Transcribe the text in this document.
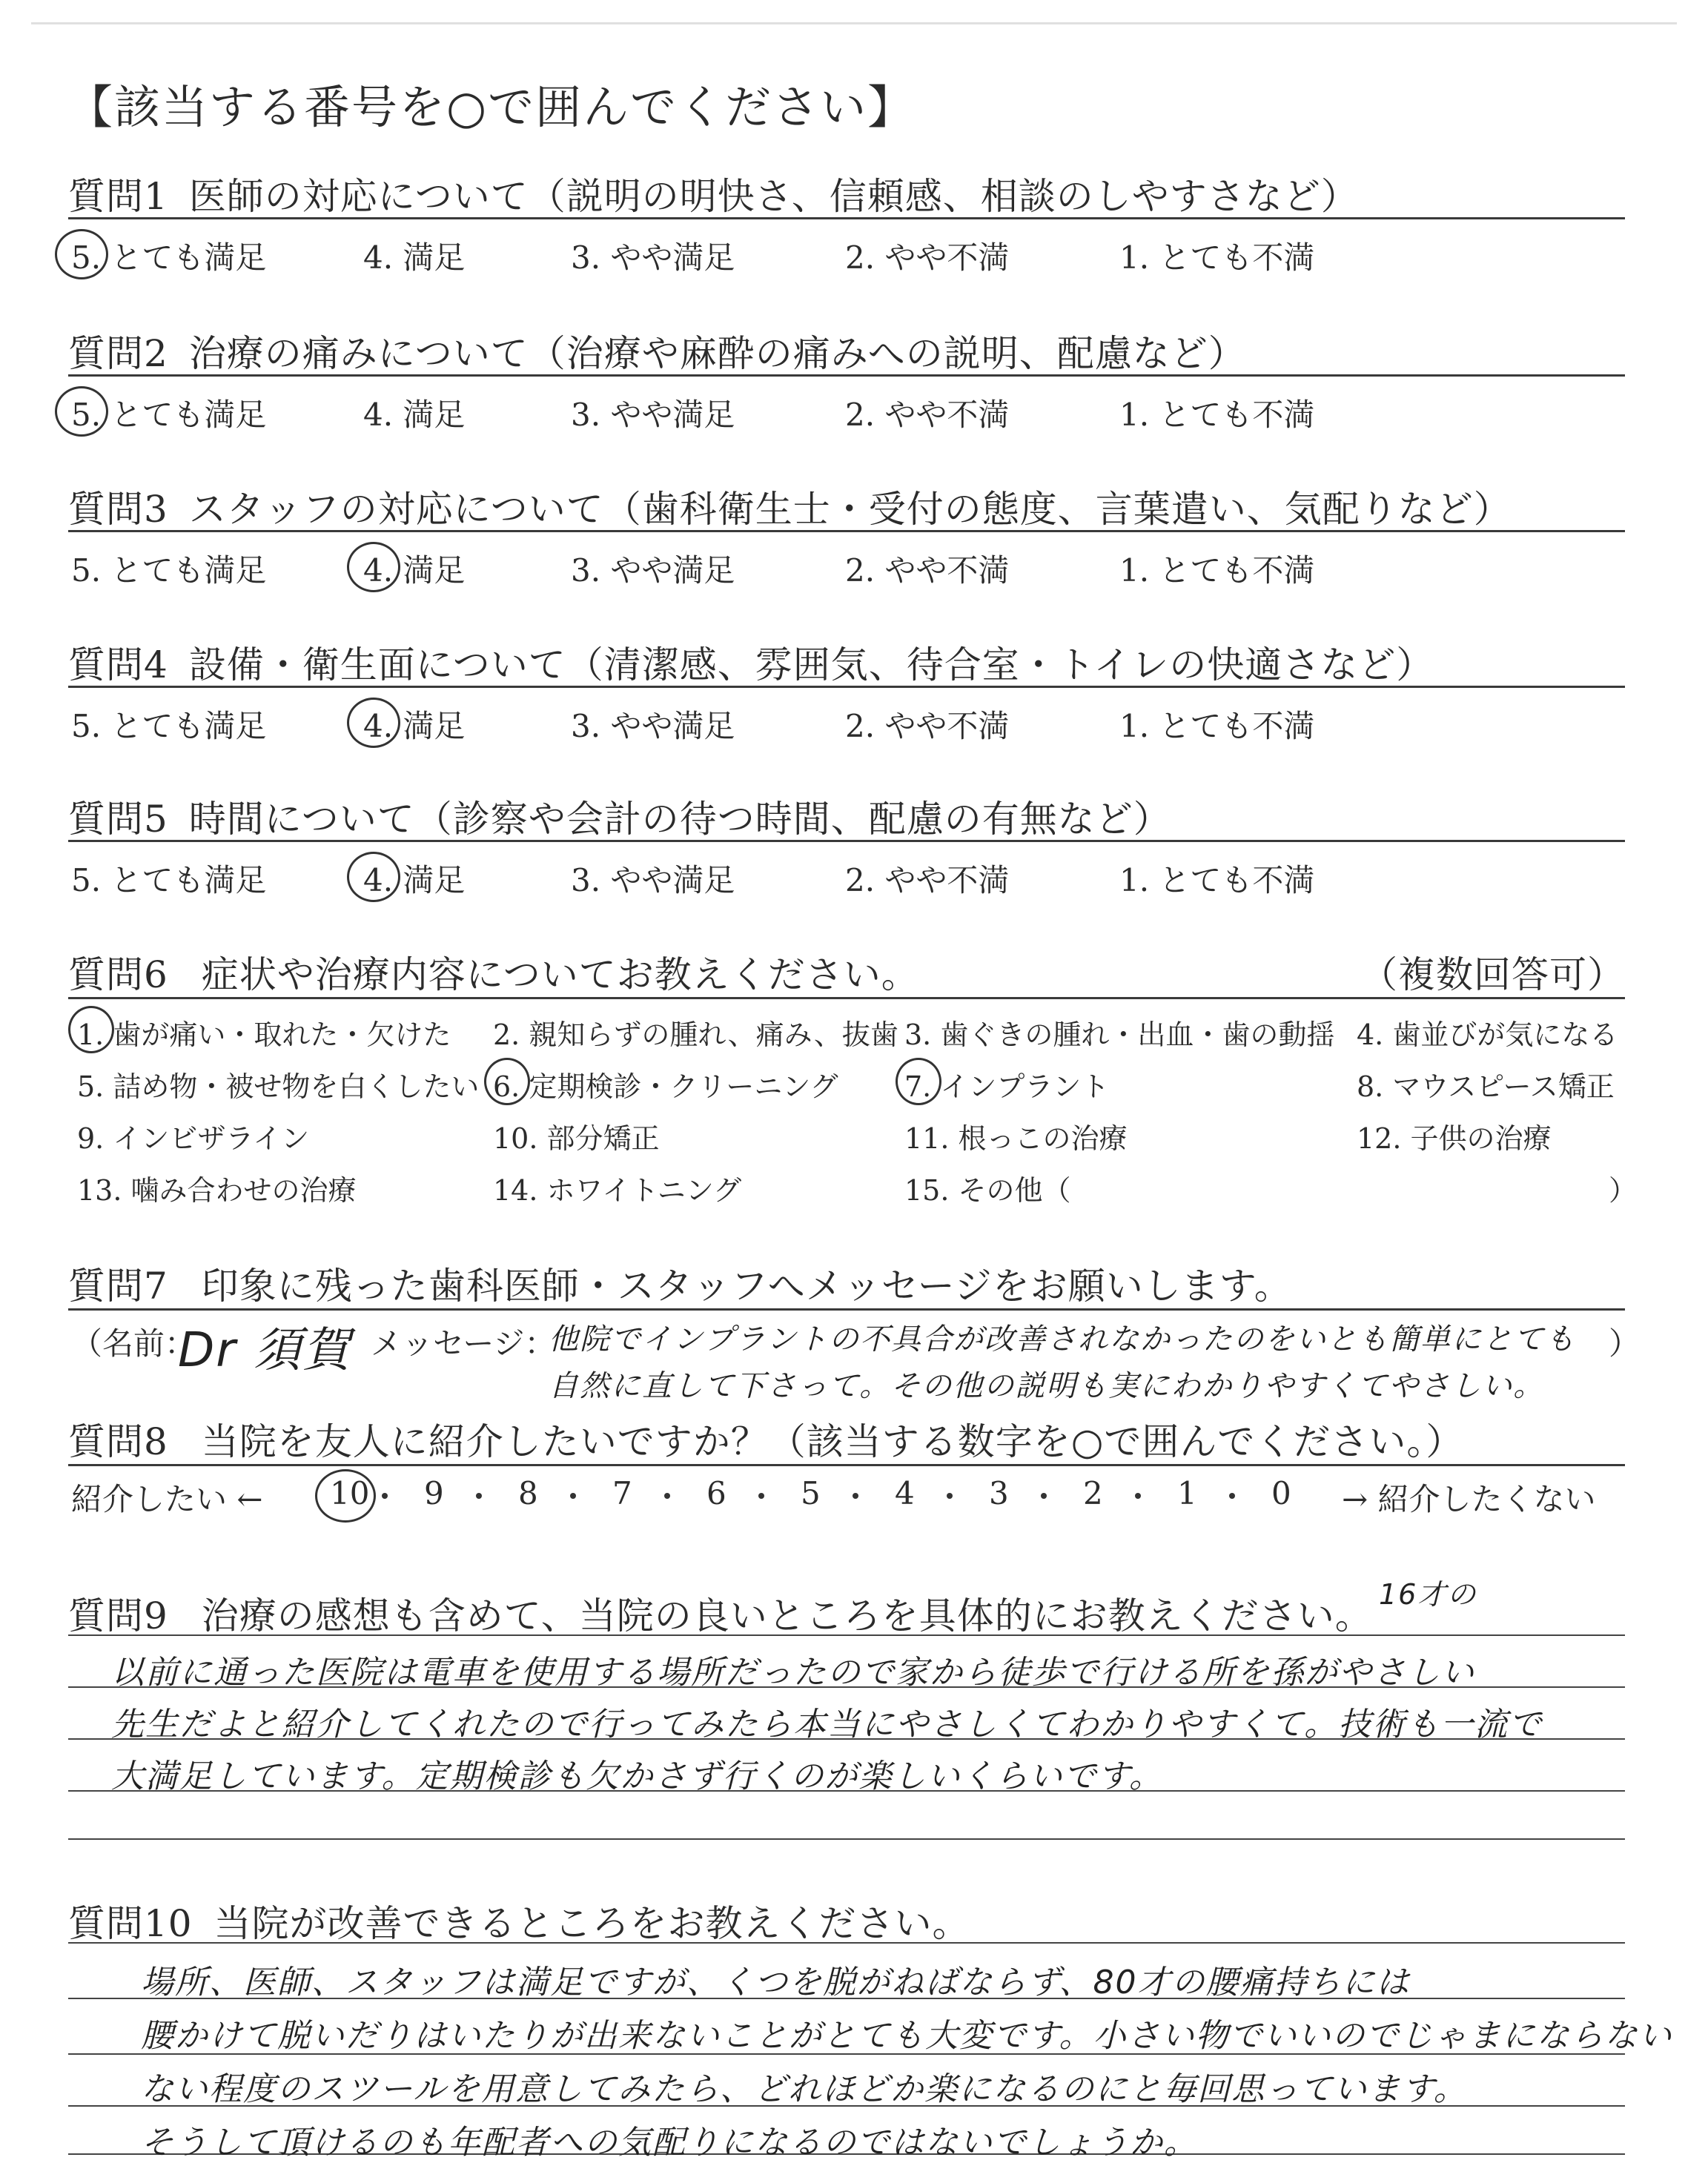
【該当する番号を○で囲んでください】
質問1 医師の対応について（説明の明快さ、信頼感、相談のしやすさなど）
5. とても満足	4. 満足	3. やや満足	2. やや不満	1. とても不満
質問2 治療の痛みについて（治療や麻酔の痛みへの説明、配慮など）
5. とても満足	4. 満足	3. やや満足	2. やや不満	1. とても不満
質問3 スタッフの対応について（歯科衛生士・受付の態度、言葉遣い、気配りなど）
5. とても満足	4. 満足	3. やや満足	2. やや不満	1. とても不満
質問4 設備・衛生面について（清潔感、雰囲気、待合室・トイレの快適さなど）
5. とても満足	4. 満足	3. やや満足	2. やや不満	1. とても不満
質問5 時間について（診察や会計の待つ時間、配慮の有無など）
5. とても満足	4. 満足	3. やや満足	2. やや不満	1. とても不満
質問6 症状や治療内容についてお教えください。	（複数回答可）
1. 歯が痛い・取れた・欠けた 2. 親知らずの腫れ、痛み、抜歯 3. 歯ぐきの腫れ・出血・歯の動揺 4. 歯並びが気になる
5. 詰め物・被せ物を白くしたい 6. 定期検診・クリーニング 7. インプラント	8. マウスピース矯正
9. インビザライン	10. 部分矯正	11. 根っこの治療	12. 子供の治療
13. 噛み合わせの治療	14. ホワイトニング	15. その他（	）
質問7 印象に残った歯科医師・スタッフへメッセージをお願いします。
（名前：
Dr 須賀 メッセージ：
他院でインプラントの不具合が改善されなかったのをいとも簡単にとても
自然に直して下さって。その他の説明も実にわかりやすくてやさしい。
）
質問8 当院を友人に紹介したいですか？（該当する数字を○で囲んでください。）
紹介したい ←	→ 紹介したくない
10 9 8 7 6 5 4 3 2 1 0
質問9 治療の感想も含めて、当院の良いところを具体的にお教えください。 16才の
以前に通った医院は電車を使用する場所だったので家から徒歩で行ける所を孫がやさしい
先生だよと紹介してくれたので行ってみたら本当にやさしくてわかりやすくて。技術も一流で
大満足しています。定期検診も欠かさず行くのが楽しいくらいです。
質問10 当院が改善できるところをお教えください。
場所、医師、スタッフは満足ですが、くつを脱がねばならず、80才の腰痛持ちには
腰かけて脱いだりはいたりが出来ないことがとても大変です。小さい物でいいのでじゃまにならない
ない程度のスツールを用意してみたら、どれほどか楽になるのにと毎回思っています。
そうして頂けるのも年配者への気配りになるのではないでしょうか。
